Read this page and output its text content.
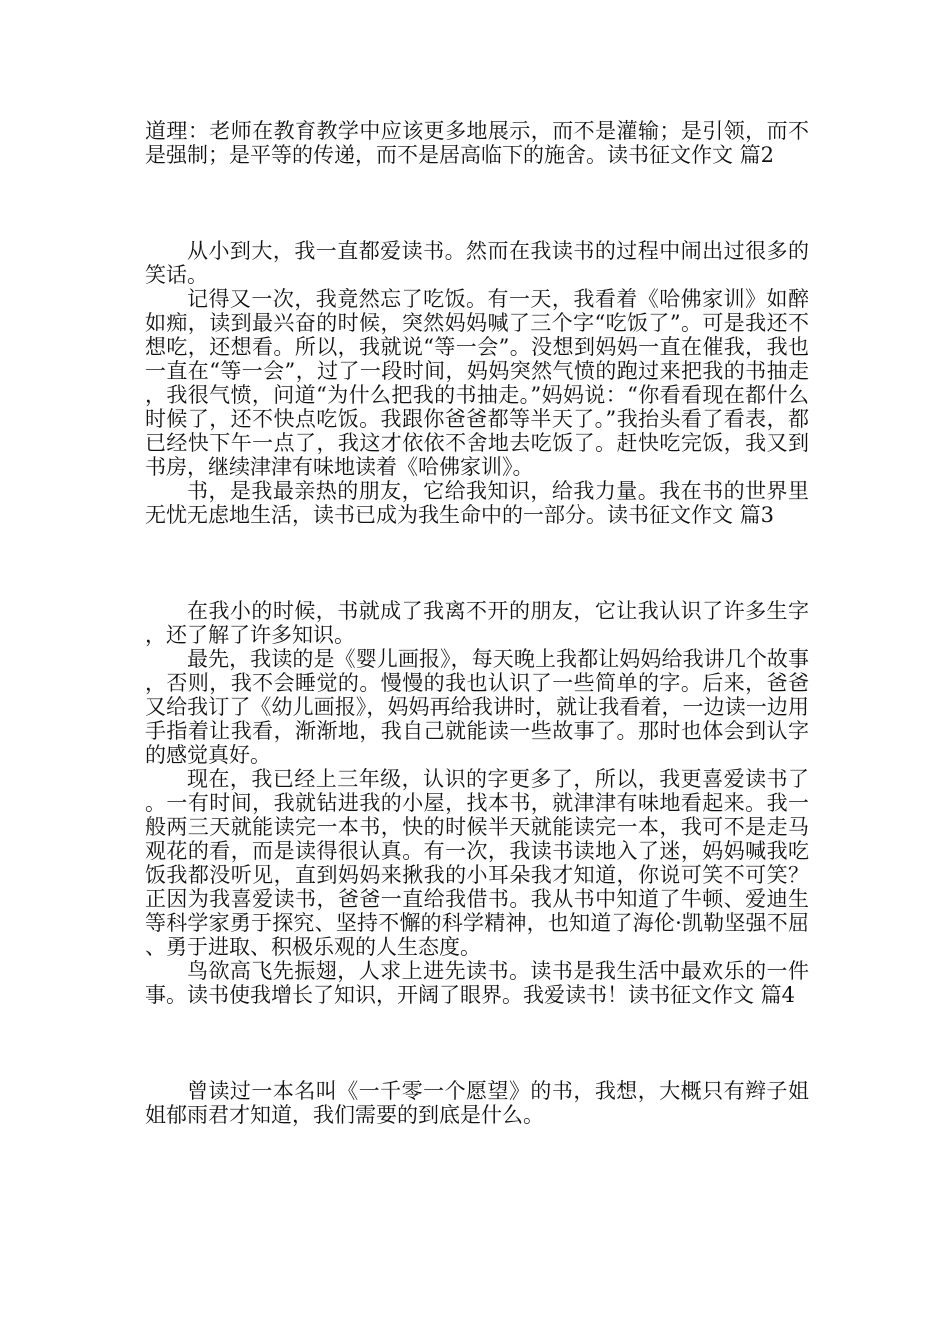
道理：老师在教育教学中应该更多地展示，而不是灌输；是引领，而不是强制；是平等的传递，而不是居高临下的施舍。读书征文作文 篇2

从小到大，我一直都爱读书。然而在我读书的过程中闹出过很多的笑话。

记得又一次，我竟然忘了吃饭。有一天，我看着《哈佛家训》如醉如痴，读到最兴奋的时候，突然妈妈喊了三个字“吃饭了”。可是我还不想吃，还想看。所以，我就说“等一会”。没想到妈妈一直在催我，我也一直在“等一会”，过了一段时间，妈妈突然气愤的跑过来把我的书抽走，我很气愤，问道“为什么把我的书抽走。”妈妈说：“你看看现在都什么时候了，还不快点吃饭。我跟你爸爸都等半天了。”我抬头看了看表，都已经快下午一点了，我这才依依不舍地去吃饭了。赶快吃完饭，我又到书房，继续津津有味地读着《哈佛家训》。

书，是我最亲热的朋友，它给我知识，给我力量。我在书的世界里无忧无虑地生活，读书已成为我生命中的一部分。读书征文作文 篇3

在我小的时候，书就成了我离不开的朋友，它让我认识了许多生字，还了解了许多知识。

最先，我读的是《婴儿画报》，每天晚上我都让妈妈给我讲几个故事，否则，我不会睡觉的。慢慢的我也认识了一些简单的字。后来，爸爸又给我订了《幼儿画报》，妈妈再给我讲时，就让我看着，一边读一边用手指着让我看，渐渐地，我自己就能读一些故事了。那时也体会到认字的感觉真好。

现在，我已经上三年级，认识的字更多了，所以，我更喜爱读书了。一有时间，我就钻进我的小屋，找本书，就津津有味地看起来。我一般两三天就能读完一本书，快的时候半天就能读完一本，我可不是走马观花的看，而是读得很认真。有一次，我读书读地入了迷，妈妈喊我吃饭我都没听见，直到妈妈来揪我的小耳朵我才知道，你说可笑不可笑？正因为我喜爱读书，爸爸一直给我借书。我从书中知道了牛顿、爱迪生等科学家勇于探究、坚持不懈的科学精神，也知道了海伦·凯勒坚强不屈、勇于进取、积极乐观的人生态度。

鸟欲高飞先振翅，人求上进先读书。读书是我生活中最欢乐的一件事。读书使我增长了知识，开阔了眼界。我爱读书！读书征文作文 篇4

曾读过一本名叫《一千零一个愿望》的书，我想，大概只有辫子姐姐郁雨君才知道，我们需要的到底是什么。
